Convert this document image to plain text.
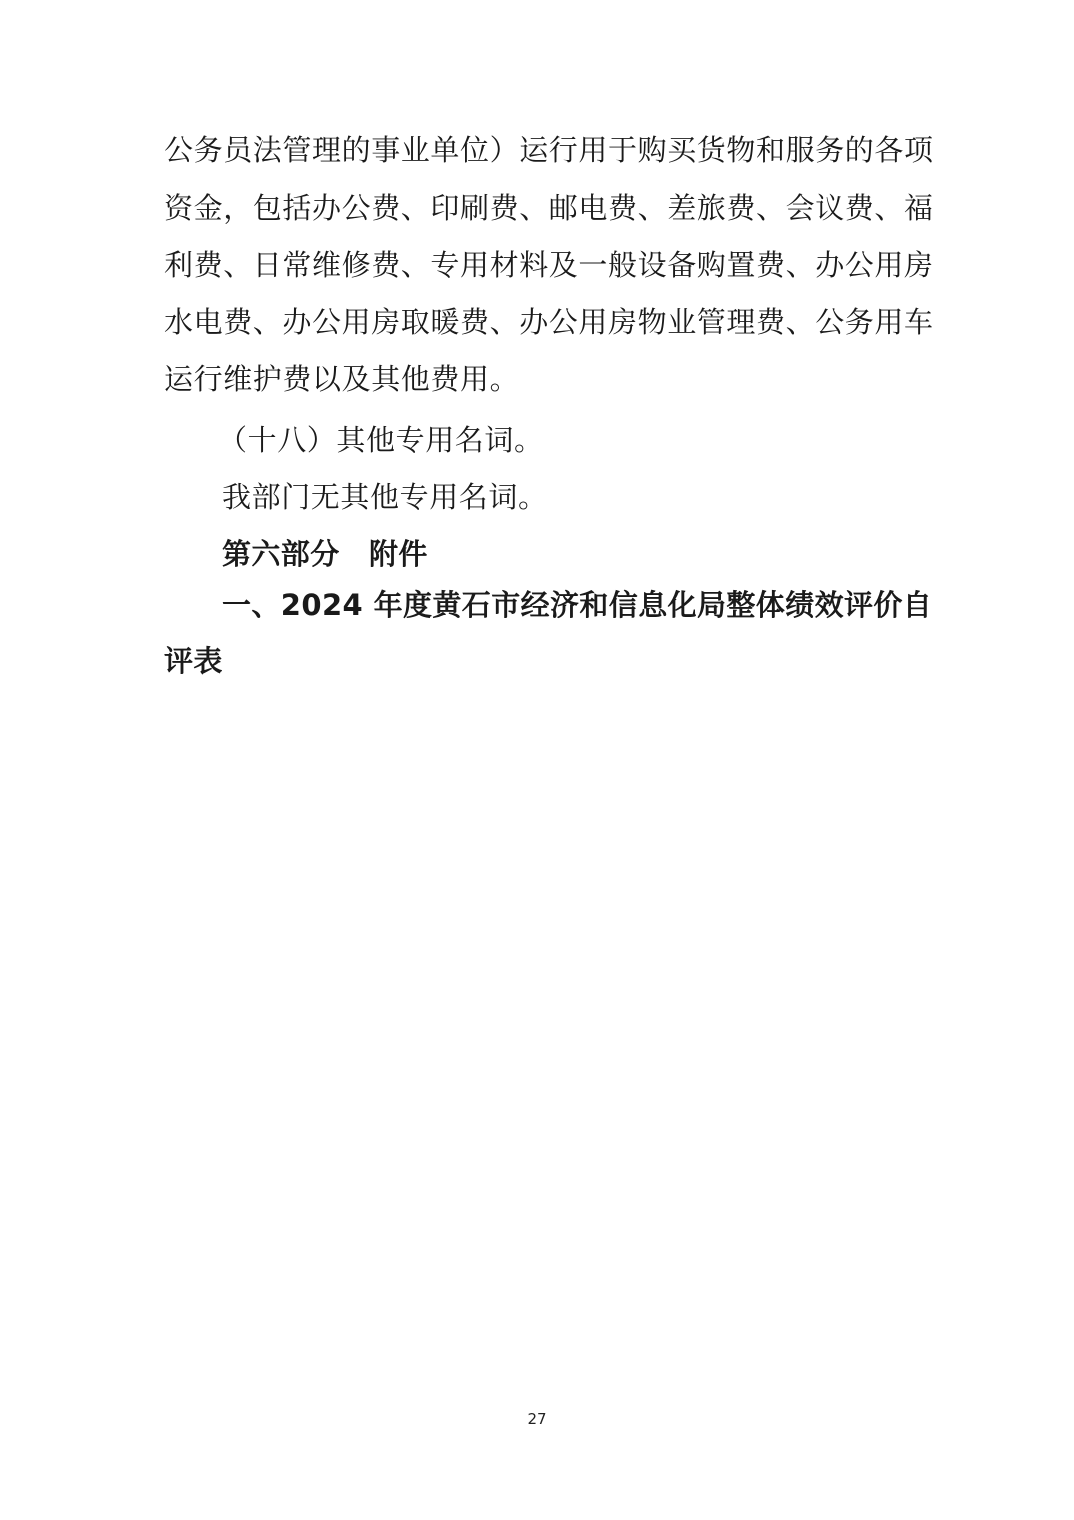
公务员法管理的事业单位）运行用于购买货物和服务的各项
资金，包括办公费、印刷费、邮电费、差旅费、会议费、福
利费、日常维修费、专用材料及一般设备购置费、办公用房
水电费、办公用房取暖费、办公用房物业管理费、公务用车
运行维护费以及其他费用。
（十八）其他专用名词。
我部门无其他专用名词。
第六部分　附件
一、2024 年度黄石市经济和信息化局整体绩效评价自
评表
27
